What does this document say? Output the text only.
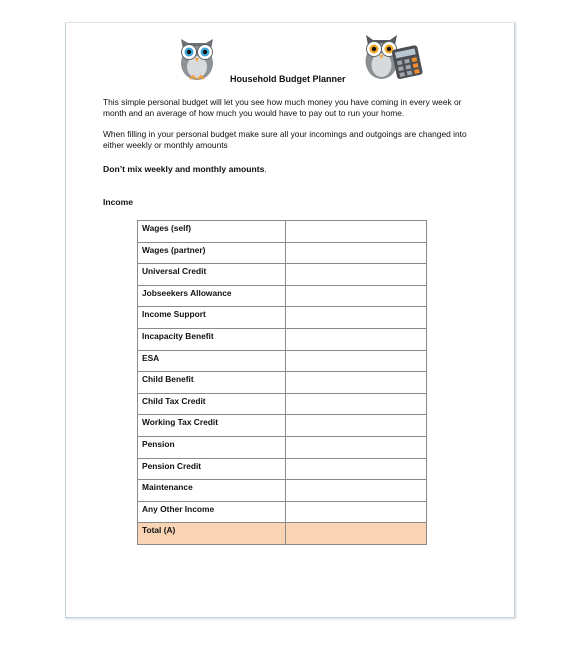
Household Budget Planner
This simple personal budget will let you see how much money you have coming in every week or month and an average of how much you would have to pay out to run your home.
When filling in your personal budget make sure all your incomings and outgoings are changed into either weekly or monthly amounts
Don’t mix weekly and monthly amounts.
Income
Wages (self)	
Wages (partner)	
Universal Credit	
Jobseekers Allowance	
Income Support	
Incapacity Benefit	
ESA	
Child Benefit	
Child Tax Credit	
Working Tax Credit	
Pension	
Pension Credit	
Maintenance	
Any Other Income	
Total (A)	
